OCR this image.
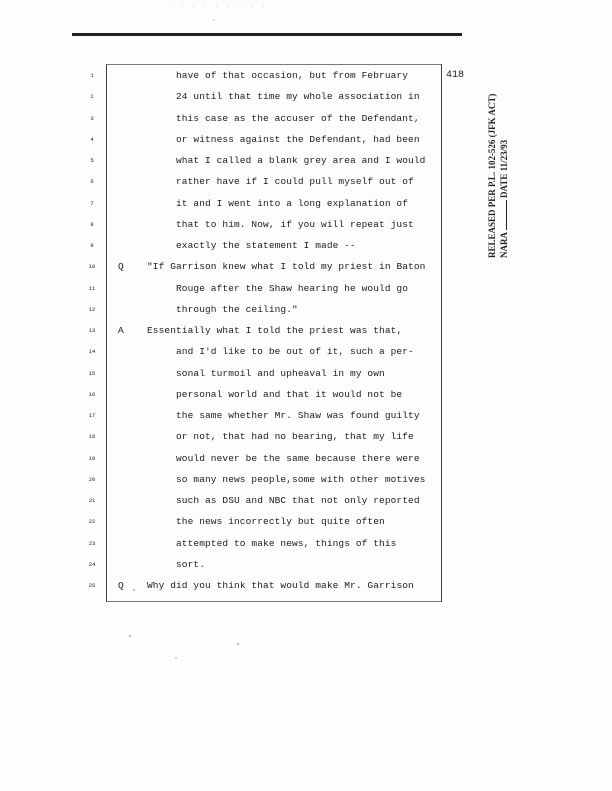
· · · · · · · · ·
418
1	have of that occasion, but from February
2	24 until that time my whole association in
3	this case as the accuser of the Defendant,
4	or witness against the Defendant, had been
5	what I called a blank grey area and I would
6	rather have if I could pull myself out of
7	it and I went into a long explanation of
8	that to him. Now, if you will repeat just
9	exactly the statement I made --
10	Q "If Garrison knew what I told my priest in Baton
11	Rouge after the Shaw hearing he would go
12	through the ceiling."
13	A Essentially what I told the priest was that,
14	and I'd like to be out of it, such a per-
15	sonal turmoil and upheaval in my own
16	personal world and that it would not be
17	the same whether Mr. Shaw was found guilty
18	or not, that had no bearing, that my life
19	would never be the same because there were
20	so many news people,some with other motives
21	such as DSU and NBC that not only reported
22	the news incorrectly but quite often
23	attempted to make news, things of this
24	sort.
25	Q Why did you think that would make Mr. Garrison
RELEASED PER P.L. 102-526 (JFK ACT) NARA  DATE 11/23/93
